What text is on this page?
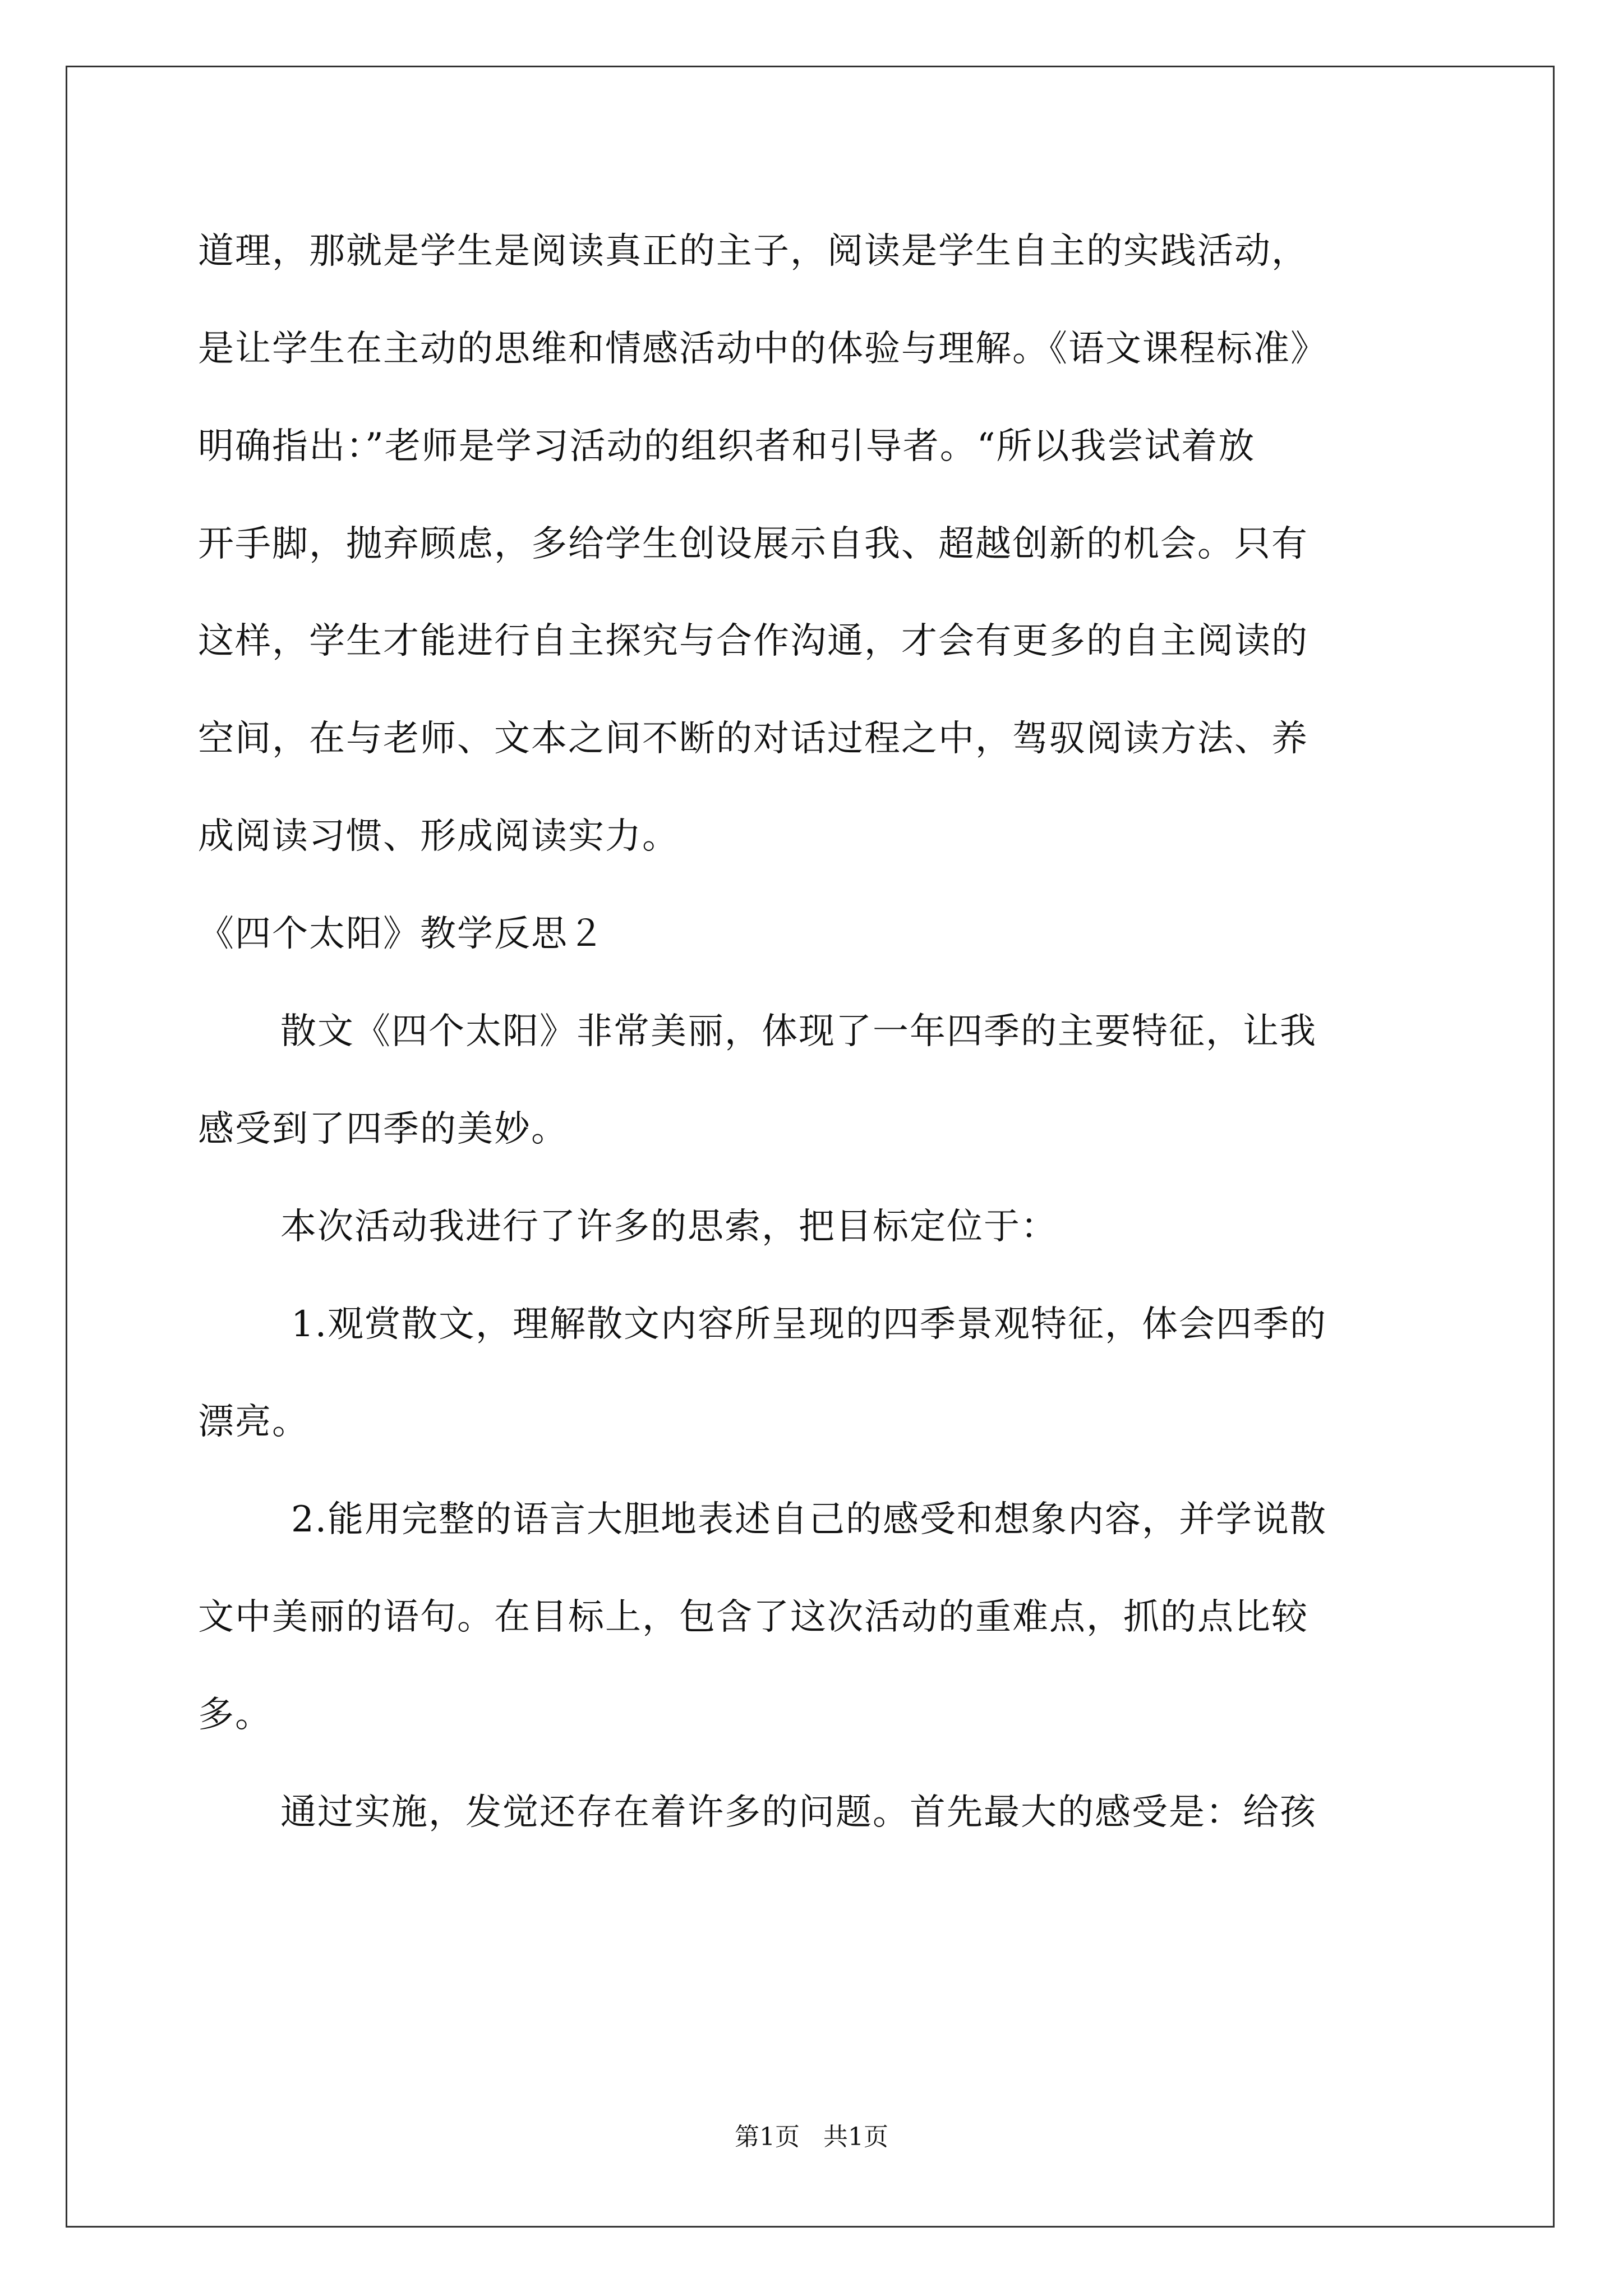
道理，那就是学生是阅读真正的主子，阅读是学生自主的实践活动，
是让学生在主动的思维和情感活动中的体验与理解。《语文课程标准》
明确指出：”老师是学习活动的组织者和引导者。“所以我尝试着放
开手脚，抛弃顾虑，多给学生创设展示自我、超越创新的机会。只有
这样，学生才能进行自主探究与合作沟通，才会有更多的自主阅读的
空间，在与老师、文本之间不断的对话过程之中，驾驭阅读方法、养
成阅读习惯、形成阅读实力。
《四个太阳》教学反思２
散文《四个太阳》非常美丽，体现了一年四季的主要特征，让我
感受到了四季的美妙。
本次活动我进行了许多的思索，把目标定位于：
1.观赏散文，理解散文内容所呈现的四季景观特征，体会四季的
漂亮。
2.能用完整的语言大胆地表述自己的感受和想象内容，并学说散
文中美丽的语句。在目标上，包含了这次活动的重难点，抓的点比较
多。
通过实施，发觉还存在着许多的问题。首先最大的感受是：给孩
第1页   共1页
